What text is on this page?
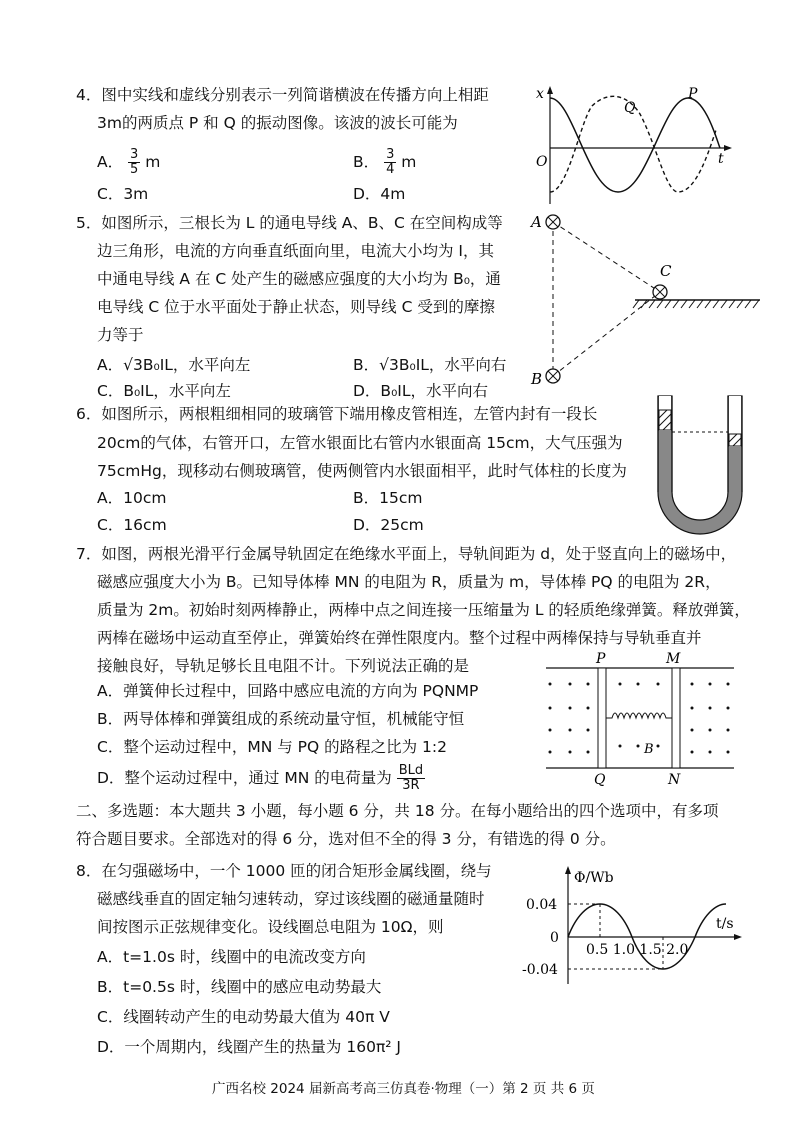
4．图中实线和虚线分别表示一列简谐横波在传播方向上相距
3m的两质点 P 和 Q 的振动图像。该波的波长可能为
A． $\frac{3}{5}$ m	B． $\frac{3}{4}$ m
C．3m	D．4m
x
t
O
P
Q
5．如图所示，三根长为 L 的通电导线 A、B、C 在空间构成等
边三角形，电流的方向垂直纸面向里，电流大小均为 I，其
中通电导线 A 在 C 处产生的磁感应强度的大小均为 B₀，通
电导线 C 位于水平面处于静止状态，则导线 C 受到的摩擦
力等于
A．√3B₀IL，水平向左	B．√3B₀IL，水平向右
C．B₀IL，水平向左	D．B₀IL，水平向右
A
C
B
6．如图所示，两根粗细相同的玻璃管下端用橡皮管相连，左管内封有一段长
20cm的气体，右管开口，左管水银面比右管内水银面高 15cm，大气压强为
75cmHg，现移动右侧玻璃管，使两侧管内水银面相平，此时气体柱的长度为
A．10cm	B．15cm
C．16cm	D．25cm
7．如图，两根光滑平行金属导轨固定在绝缘水平面上，导轨间距为 d，处于竖直向上的磁场中，
磁感应强度大小为 B。已知导体棒 MN 的电阻为 R，质量为 m，导体棒 PQ 的电阻为 2R，
质量为 2m。初始时刻两棒静止，两棒中点之间连接一压缩量为 L 的轻质绝缘弹簧。释放弹簧，
两棒在磁场中运动直至停止，弹簧始终在弹性限度内。整个过程中两棒保持与导轨垂直并
接触良好，导轨足够长且电阻不计。下列说法正确的是
A．弹簧伸长过程中，回路中感应电流的方向为 PQNMP
B．两导体棒和弹簧组成的系统动量守恒，机械能守恒
C．整个运动过程中，MN 与 PQ 的路程之比为 1:2
D．整个运动过程中，通过 MN 的电荷量为 $\frac{\text{BLd}}{3R}$
P	M
Q	N
B
二、多选题：本大题共 3 小题，每小题 6 分，共 18 分。在每小题给出的四个选项中，有多项
符合题目要求。全部选对的得 6 分，选对但不全的得 3 分，有错选的得 0 分。
8．在匀强磁场中，一个 1000 匝的闭合矩形金属线圈，绕与
磁感线垂直的固定轴匀速转动，穿过该线圈的磁通量随时
间按图示正弦规律变化。设线圈总电阻为 10Ω，则
A．t=1.0s 时，线圈中的电流改变方向
B．t=0.5s 时，线圈中的感应电动势最大
C．线圈转动产生的电动势最大值为 40π V
D．一个周期内，线圈产生的热量为 160π² J
Φ/Wb
t/s
0.04
0
-0.04
0.5 1.0 1.5 2.0
广西名校 2024 届新高考高三仿真卷·物理（一）第 2 页 共 6 页
